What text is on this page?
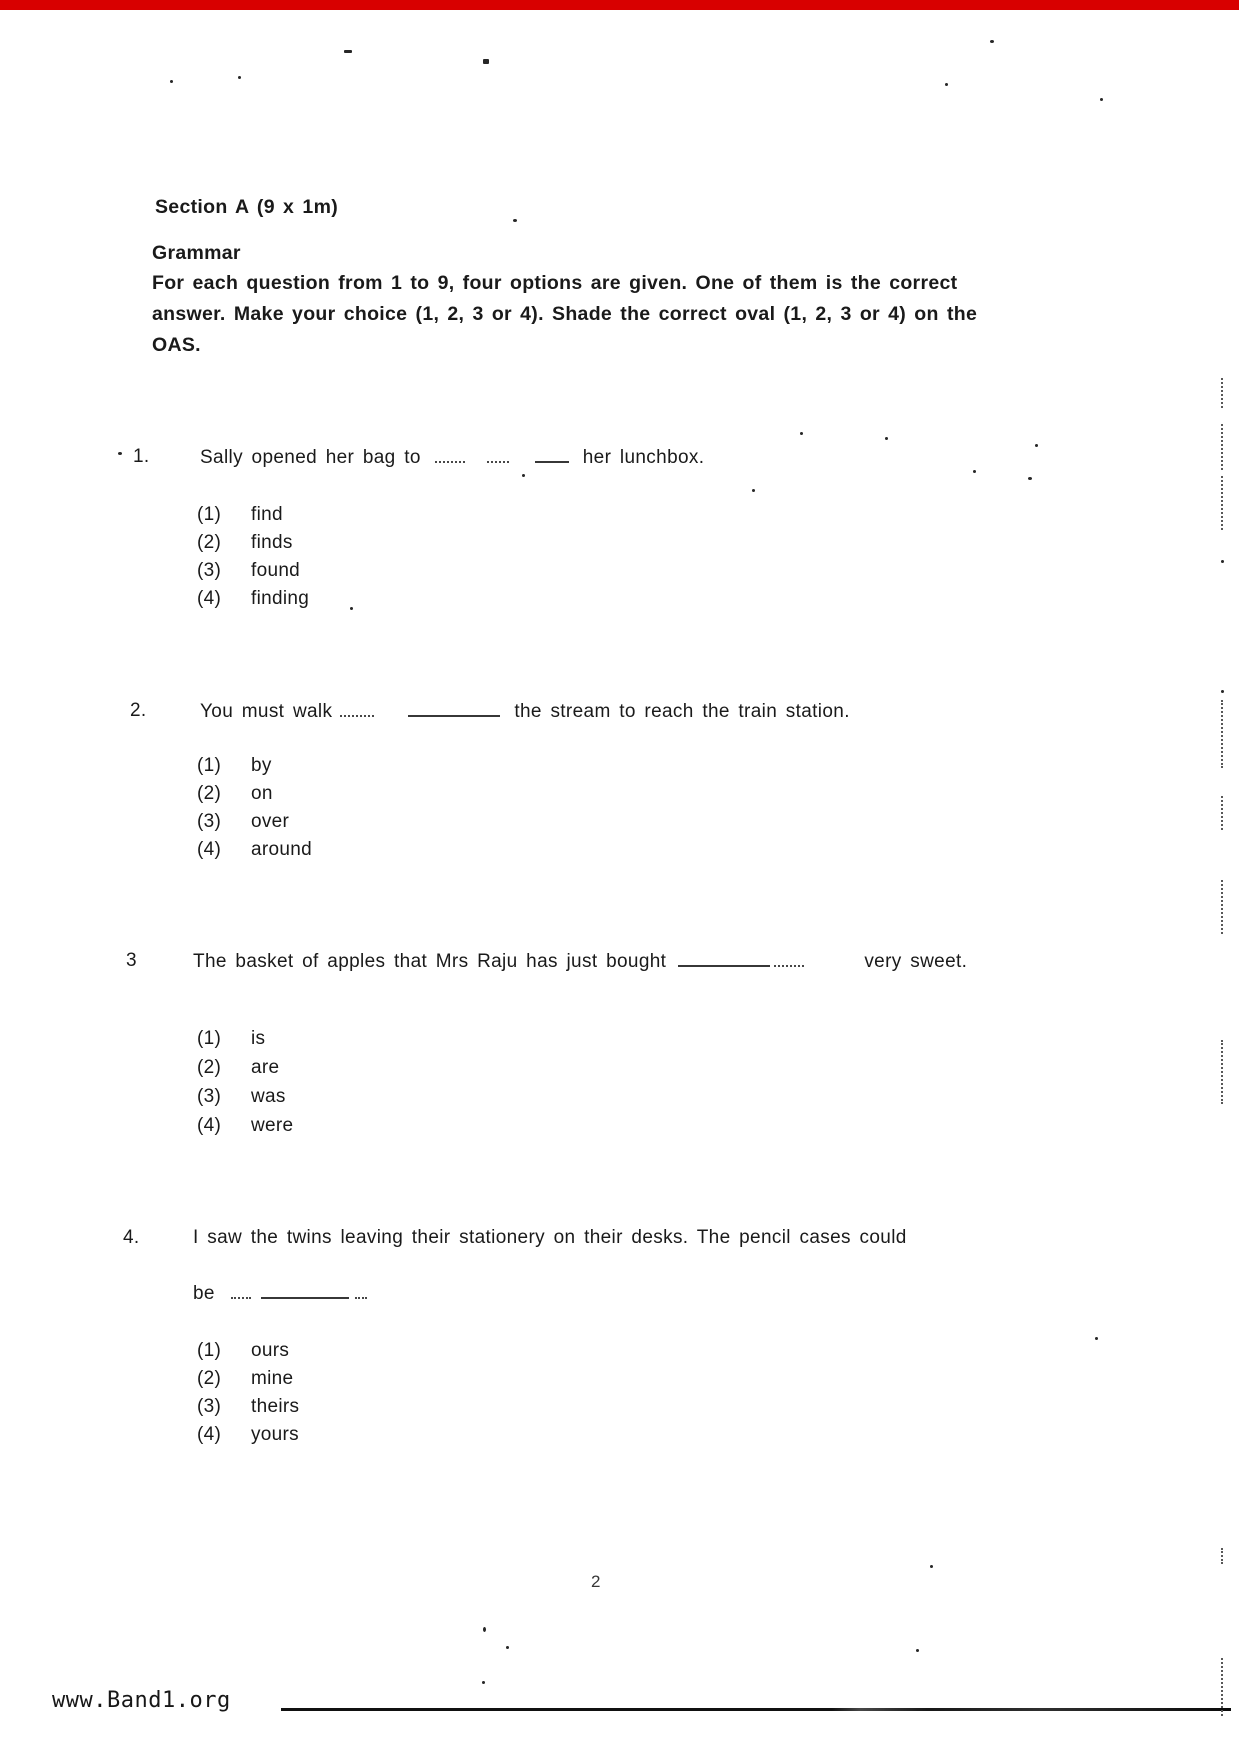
Section A (9 x 1m)
Grammar
For each question from 1 to 9, four options are given. One of them is the correct
answer. Make your choice (1, 2, 3 or 4). Shade the correct oval (1, 2, 3 or 4) on the
OAS.
1.	Sally opened her bag to	her lunchbox.
(1) find
(2) finds
(3) found
(4) finding
2.	You must walk	the stream to reach the train station.
(1) by
(2) on
(3) over
(4) around
3	The basket of apples that Mrs Raju has just bought	very sweet.
(1) is
(2) are
(3) was
(4) were
4.	I saw the twins leaving their stationery on their desks. The pencil cases could
be
(1) ours
(2) mine
(3) theirs
(4) yours
2
www.Band1.org
